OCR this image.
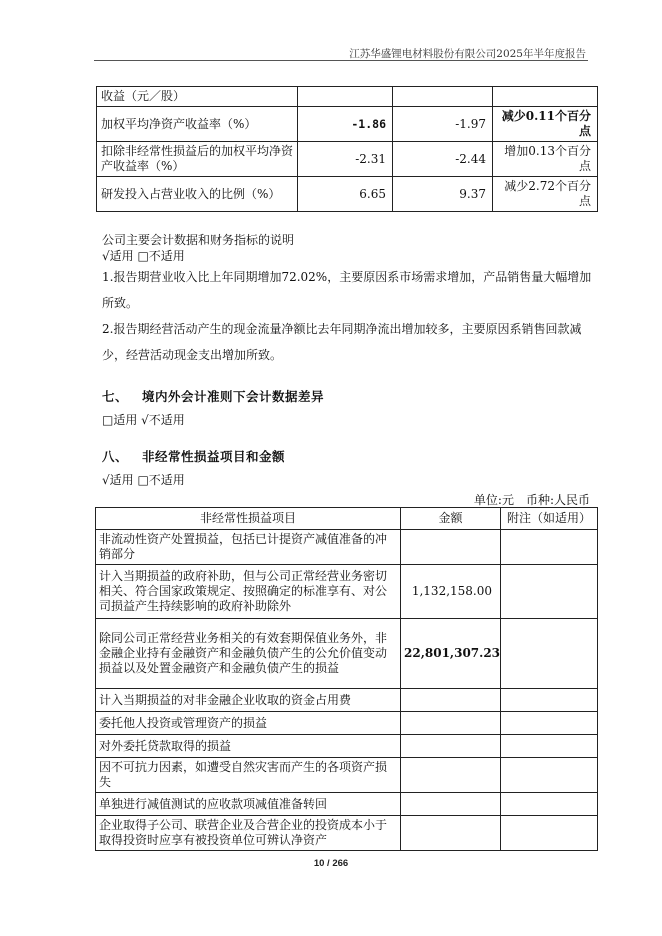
江苏华盛锂电材料股份有限公司2025年半年度报告
收益（元／股）			
加权平均净资产收益率（%）	-1.86	-1.97	减少0.11个百分点
扣除非经常性损益后的加权平均净资产收益率（%）	-2.31	-2.44	增加0.13个百分点
研发投入占营业收入的比例（%）	6.65	9.37	减少2.72个百分点
公司主要会计数据和财务指标的说明
√适用 □不适用
1.报告期营业收入比上年同期增加72.02%，主要原因系市场需求增加，产品销售量大幅增加所致。
2.报告期经营活动产生的现金流量净额比去年同期净流出增加较多，主要原因系销售回款减少，经营活动现金支出增加所致。
七、 境内外会计准则下会计数据差异
□适用 √不适用
八、 非经常性损益项目和金额
√适用 □不适用
单位:元　币种:人民币
非经常性损益项目	金额	附注（如适用）
非流动性资产处置损益，包括已计提资产减值准备的冲销部分		
计入当期损益的政府补助，但与公司正常经营业务密切相关、符合国家政策规定、按照确定的标准享有、对公司损益产生持续影响的政府补助除外	1,132,158.00	
除同公司正常经营业务相关的有效套期保值业务外，非金融企业持有金融资产和金融负债产生的公允价值变动损益以及处置金融资产和金融负债产生的损益	22,801,307.23	
计入当期损益的对非金融企业收取的资金占用费		
委托他人投资或管理资产的损益		
对外委托贷款取得的损益		
因不可抗力因素，如遭受自然灾害而产生的各项资产损失		
单独进行减值测试的应收款项减值准备转回		
企业取得子公司、联营企业及合营企业的投资成本小于取得投资时应享有被投资单位可辨认净资产		
10 / 266
